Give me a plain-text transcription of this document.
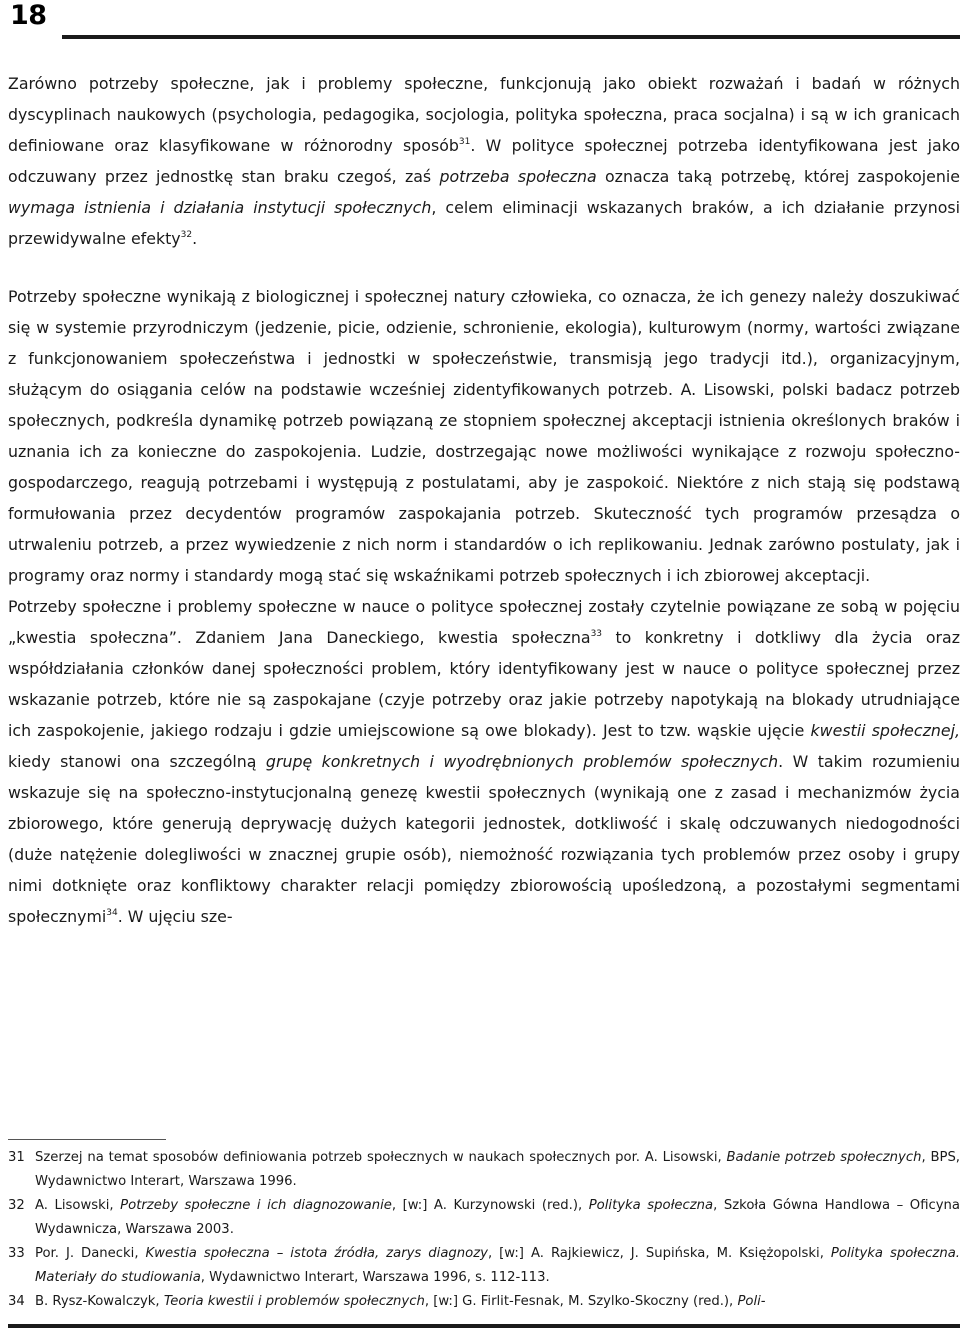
18

Zarówno potrzeby społeczne, jak i problemy społeczne, funkcjonują jako obiekt rozważań i badań w różnych dyscyplinach naukowych (psychologia, pedagogika, socjologia, polityka społeczna, praca socjalna) i są w ich granicach definiowane oraz klasyfikowane w różnorodny sposób$^{31}$. W polityce społecznej potrzeba identyfikowana jest jako odczuwany przez jednostkę stan braku czegoś, zaś potrzeba społeczna oznacza taką potrzebę, której zaspokojenie wymaga istnienia i działania instytucji społecznych, celem eliminacji wskazanych braków, a ich działanie przynosi przewidywalne efekty$^{32}$.

Potrzeby społeczne wynikają z biologicznej i społecznej natury człowieka, co oznacza, że ich genezy należy doszukiwać się w systemie przyrodniczym (jedzenie, picie, odzienie, schronienie, ekologia), kulturowym (normy, wartości związane z funkcjonowaniem społeczeństwa i jednostki w społeczeństwie, transmisją jego tradycji itd.), organizacyjnym, służącym do osiągania celów na podstawie wcześniej zidentyfikowanych potrzeb. A. Lisowski, polski badacz potrzeb społecznych, podkreśla dynamikę potrzeb powiązaną ze stopniem społecznej akceptacji istnienia określonych braków i uznania ich za konieczne do zaspokojenia. Ludzie, dostrzegając nowe możliwości wynikające z rozwoju społeczno-gospodarczego, reagują potrzebami i występują z postulatami, aby je zaspokoić. Niektóre z nich stają się podstawą formułowania przez decydentów programów zaspokajania potrzeb. Skuteczność tych programów przesądza o utrwaleniu potrzeb, a przez wywiedzenie z nich norm i standardów o ich replikowaniu. Jednak zarówno postulaty, jak i programy oraz normy i standardy mogą stać się wskaźnikami potrzeb społecznych i ich zbiorowej akceptacji.

Potrzeby społeczne i problemy społeczne w nauce o polityce społecznej zostały czytelnie powiązane ze sobą w pojęciu „kwestia społeczna”. Zdaniem Jana Daneckiego, kwestia społeczna$^{33}$ to konkretny i dotkliwy dla życia oraz współdziałania członków danej społeczności problem, który identyfikowany jest w nauce o polityce społecznej przez wskazanie potrzeb, które nie są zaspokajane (czyje potrzeby oraz jakie potrzeby napotykają na blokady utrudniające ich zaspokojenie, jakiego rodzaju i gdzie umiejscowione są owe blokady). Jest to tzw. wąskie ujęcie kwestii społecznej, kiedy stanowi ona szczególną grupę konkretnych i wyodrębnionych problemów społecznych. W takim rozumieniu wskazuje się na społeczno-instytucjonalną genezę kwestii społecznych (wynikają one z zasad i mechanizmów życia zbiorowego, które generują deprywację dużych kategorii jednostek, dotkliwość i skalę odczuwanych niedogodności (duże natężenie dolegliwości w znacznej grupie osób), niemożność rozwiązania tych problemów przez osoby i grupy nimi dotknięte oraz konfliktowy charakter relacji pomiędzy zbiorowością upośledzoną, a pozostałymi segmentami społecznymi$^{34}$. W ujęciu sze-

31 Szerzej na temat sposobów definiowania potrzeb społecznych w naukach społecznych por. A. Lisowski, Badanie potrzeb społecznych, BPS, Wydawnictwo Interart, Warszawa 1996.

32 A. Lisowski, Potrzeby społeczne i ich diagnozowanie, [w:] A. Kurzynowski (red.), Polityka społeczna, Szkoła Gówna Handlowa – Oficyna Wydawnicza, Warszawa 2003.

33 Por. J. Danecki, Kwestia społeczna – istota źródła, zarys diagnozy, [w:] A. Rajkiewicz, J. Supińska, M. Księżopolski, Polityka społeczna. Materiały do studiowania, Wydawnictwo Interart, Warszawa 1996, s. 112-113.

34 B. Rysz-Kowalczyk, Teoria kwestii i problemów społecznych, [w:] G. Firlit-Fesnak, M. Szylko-Skoczny (red.), Poli-
